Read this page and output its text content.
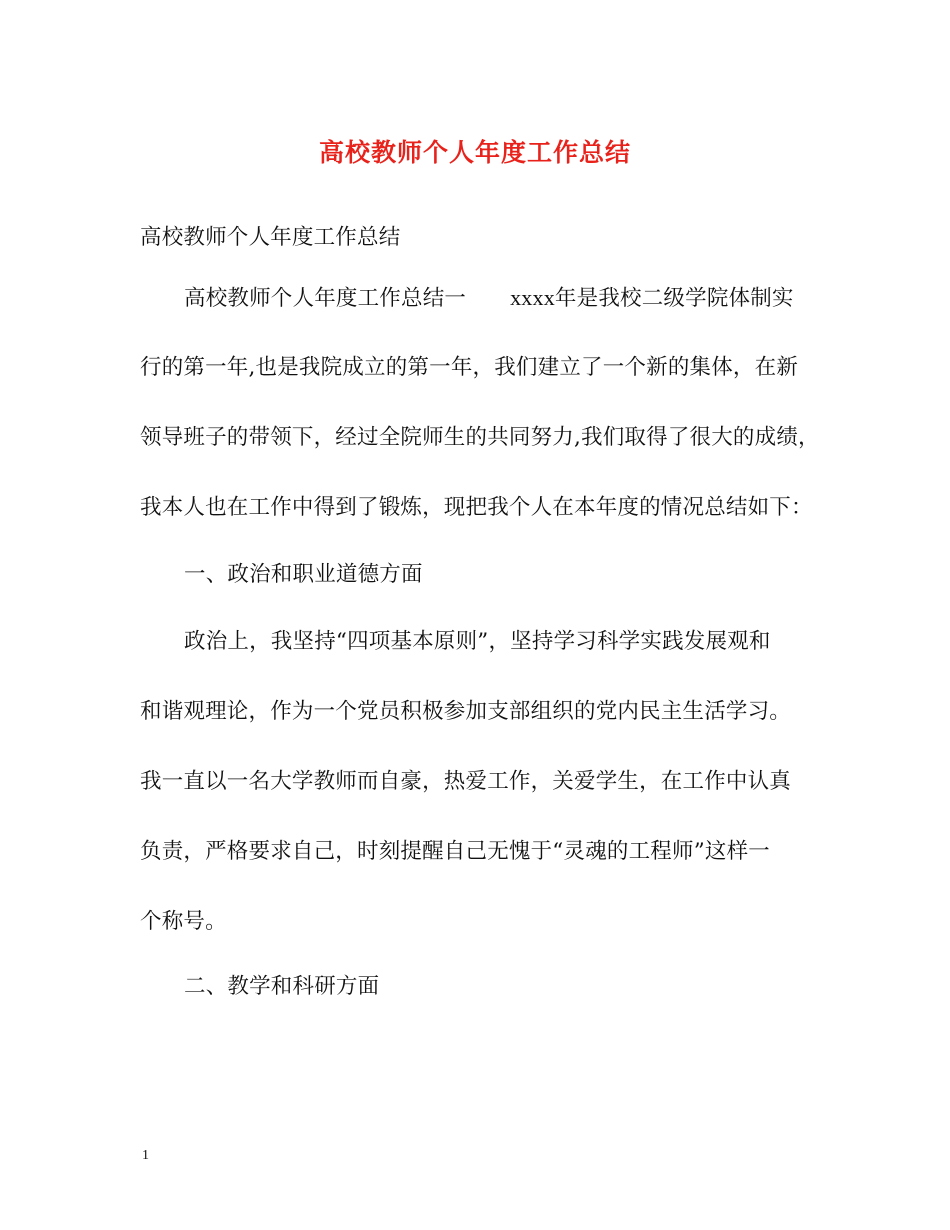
高校教师个人年度工作总结
高校教师个人年度工作总结
高校教师个人年度工作总结一 xxxx年是我校二级学院体制实
行的第一年,也是我院成立的第一年，我们建立了一个新的集体，在新
领导班子的带领下，经过全院师生的共同努力,我们取得了很大的成绩，
我本人也在工作中得到了锻炼，现把我个人在本年度的情况总结如下：
一、政治和职业道德方面
政治上，我坚持“四项基本原则”，坚持学习科学实践发展观和
和谐观理论，作为一个党员积极参加支部组织的党内民主生活学习。
我一直以一名大学教师而自豪，热爱工作，关爱学生，在工作中认真
负责，严格要求自己，时刻提醒自己无愧于“灵魂的工程师”这样一
个称号。
二、教学和科研方面
1
